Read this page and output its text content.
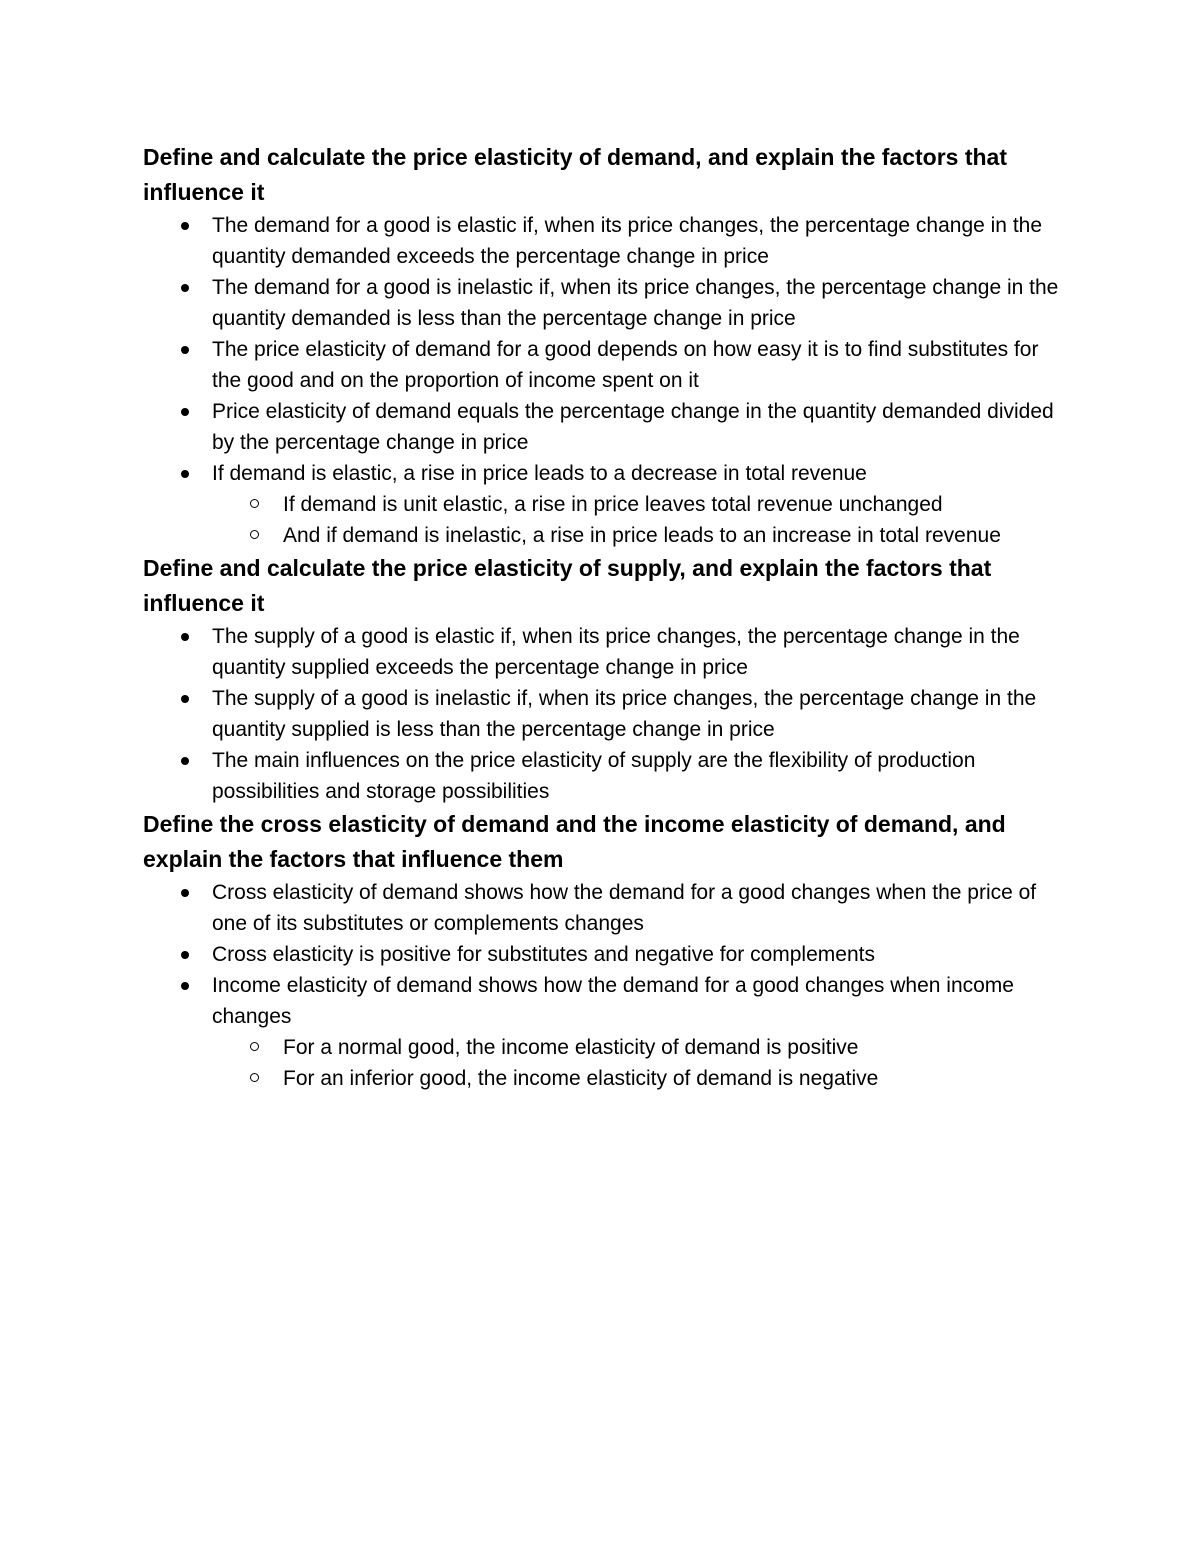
Define and calculate the price elasticity of demand, and explain the factors that influence it

The demand for a good is elastic if, when its price changes, the percentage change in the quantity demanded exceeds the percentage change in price
The demand for a good is inelastic if, when its price changes, the percentage change in the quantity demanded is less than the percentage change in price
The price elasticity of demand for a good depends on how easy it is to find substitutes for the good and on the proportion of income spent on it
Price elasticity of demand equals the percentage change in the quantity demanded divided by the percentage change in price
If demand is elastic, a rise in price leads to a decrease in total revenue
If demand is unit elastic, a rise in price leaves total revenue unchanged
And if demand is inelastic, a rise in price leads to an increase in total revenue

Define and calculate the price elasticity of supply, and explain the factors that influence it

The supply of a good is elastic if, when its price changes, the percentage change in the quantity supplied exceeds the percentage change in price
The supply of a good is inelastic if, when its price changes, the percentage change in the quantity supplied is less than the percentage change in price
The main influences on the price elasticity of supply are the flexibility of production possibilities and storage possibilities

Define the cross elasticity of demand and the income elasticity of demand, and explain the factors that influence them

Cross elasticity of demand shows how the demand for a good changes when the price of one of its substitutes or complements changes
Cross elasticity is positive for substitutes and negative for complements
Income elasticity of demand shows how the demand for a good changes when income changes
For a normal good, the income elasticity of demand is positive
For an inferior good, the income elasticity of demand is negative
